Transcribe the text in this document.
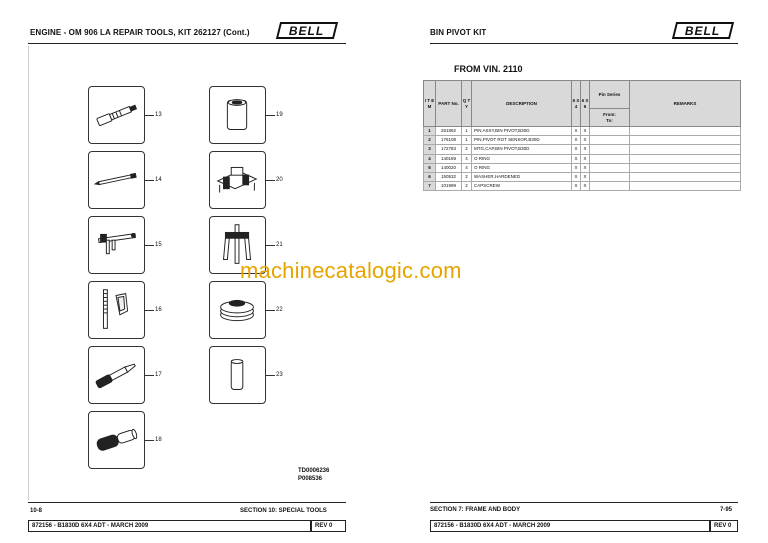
ENGINE - OM 906 LA REPAIR TOOLS, KIT 262127 (Cont.)	BELL
13
14
15
16
17
18
19
20
21
22
23
TD0006236
P008536
10-8	SECTION 10: SPECIAL TOOLS
872156 - B1830D 6X4 ADT - MARCH 2009	REV 0
BIN PIVOT KIT	BELL
FROM VIN. 2110
I T E M	PART No.	Q T Y	DESCRIPTION	6 X 4	6 X 6	Pin Series	REMARKS

						From:
To:	

1	261892	1	PIN ASSY,BIN PIVOT,B30D	X	X		
2	176108	1	PIN,PIVOT ROT SENSOR,B30D	X	X		
3	172783	2	MTG,CAP,BIN PIVOT,B30D	X	X		
4	140169	4	O RING	X	X		
5	140020	4	O RING	X	X		
6	150532	2	WASHER,HARDENED	X	X		
7	101999	2	CAPSCREW	X	X		
SECTION 7: FRAME AND BODY	7-95
872156 - B1830D 6X4 ADT - MARCH 2009	REV 0
machinecatalogic.com
